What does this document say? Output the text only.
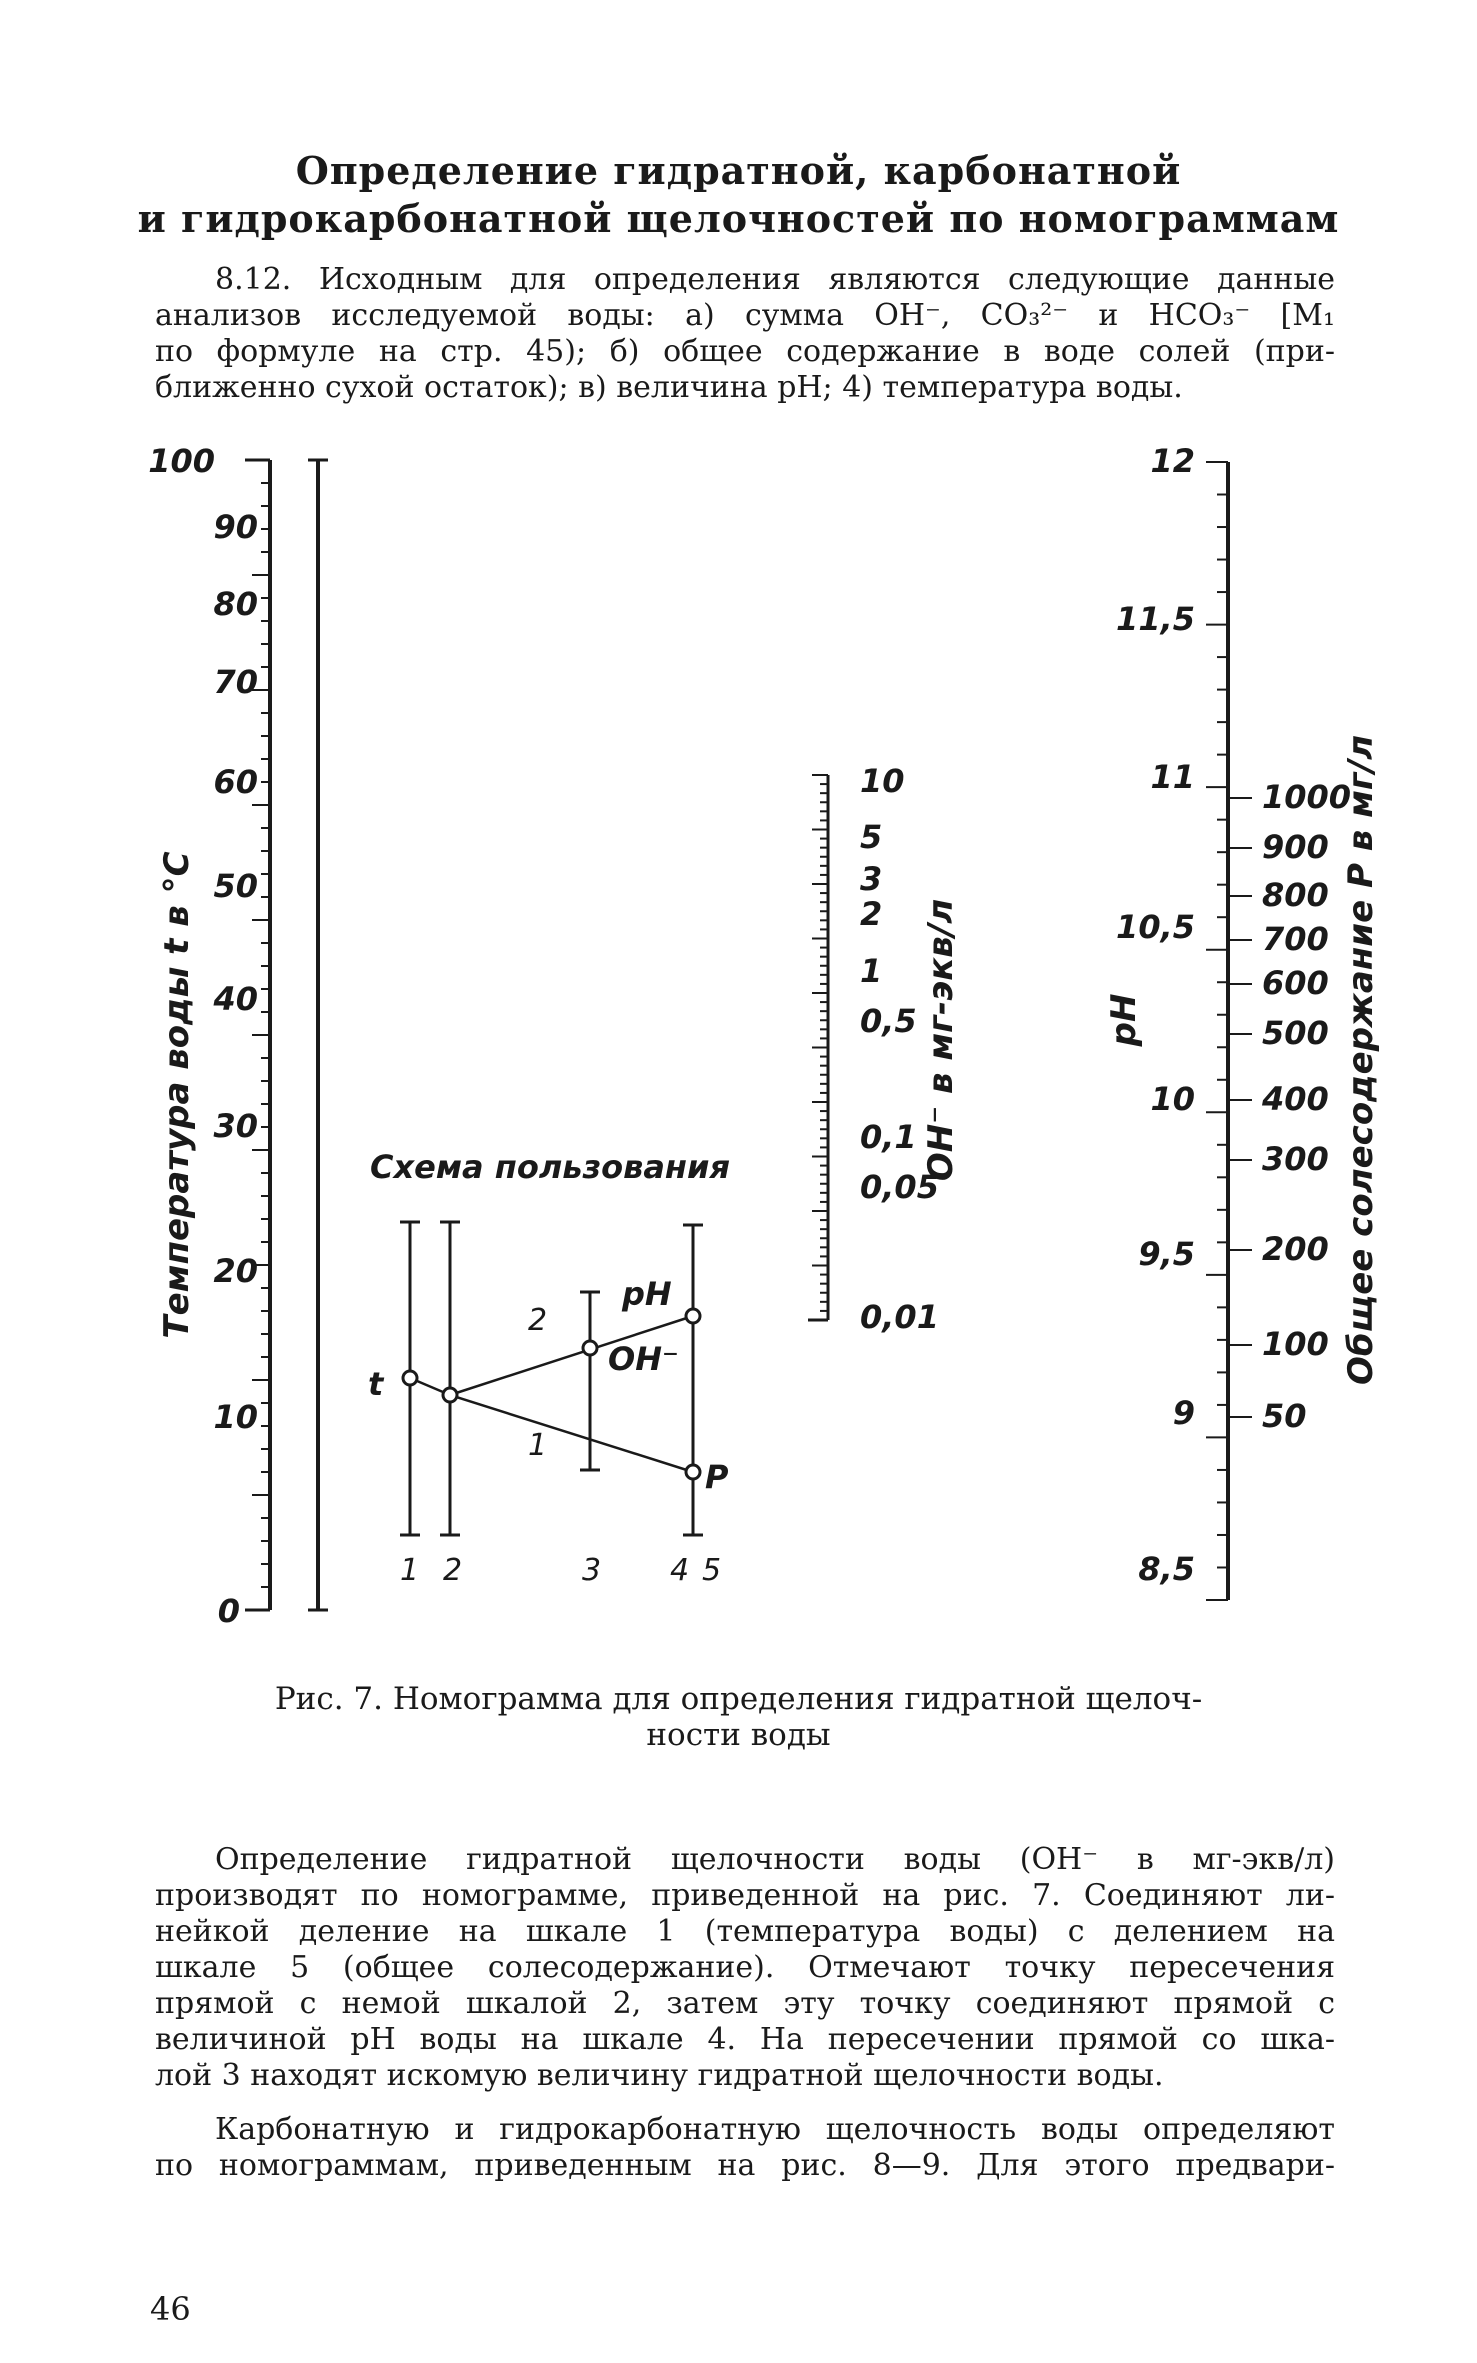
Определение гидратной, карбонатной
и гидрокарбонатной щелочностей по номограммам
8.12. Исходным для определения являются следующие данные
анализов исследуемой воды: а) сумма OH⁻, CO₃²⁻ и HCO₃⁻ [M₁
по формуле на стр. 45); б) общее содержание в воде солей (при-
ближенно сухой остаток); в) величина pH; 4) температура воды.
100
90
80
70
60
50
40
30
20
10
0
Температура воды t в °C
10
5
3
2
1
0,5
0,1
0,05
0,01
OH⁻ в мг-экв/л
12
11,5
11
10,5
10
9,5
9
8,5
pH
1000
900
800
700
600
500
400
300
200
100
50
Общее солесодержание P в мг/л
Схема пользования
t
pH
OH⁻
P
2
1
1 2	3 4 5
Рис. 7. Номограмма для определения гидратной щелоч-
ности воды
Определение гидратной щелочности воды (OH⁻ в мг-экв/л)
производят по номограмме, приведенной на рис. 7. Соединяют ли-
нейкой деление на шкале 1 (температура воды) с делением на
шкале 5 (общее солесодержание). Отмечают точку пересечения
прямой с немой шкалой 2, затем эту точку соединяют прямой с
величиной pH воды на шкале 4. На пересечении прямой со шка-
лой 3 находят искомую величину гидратной щелочности воды.
Карбонатную и гидрокарбонатную щелочность воды определяют
по номограммам, приведенным на рис. 8—9. Для этого предвари-
46
